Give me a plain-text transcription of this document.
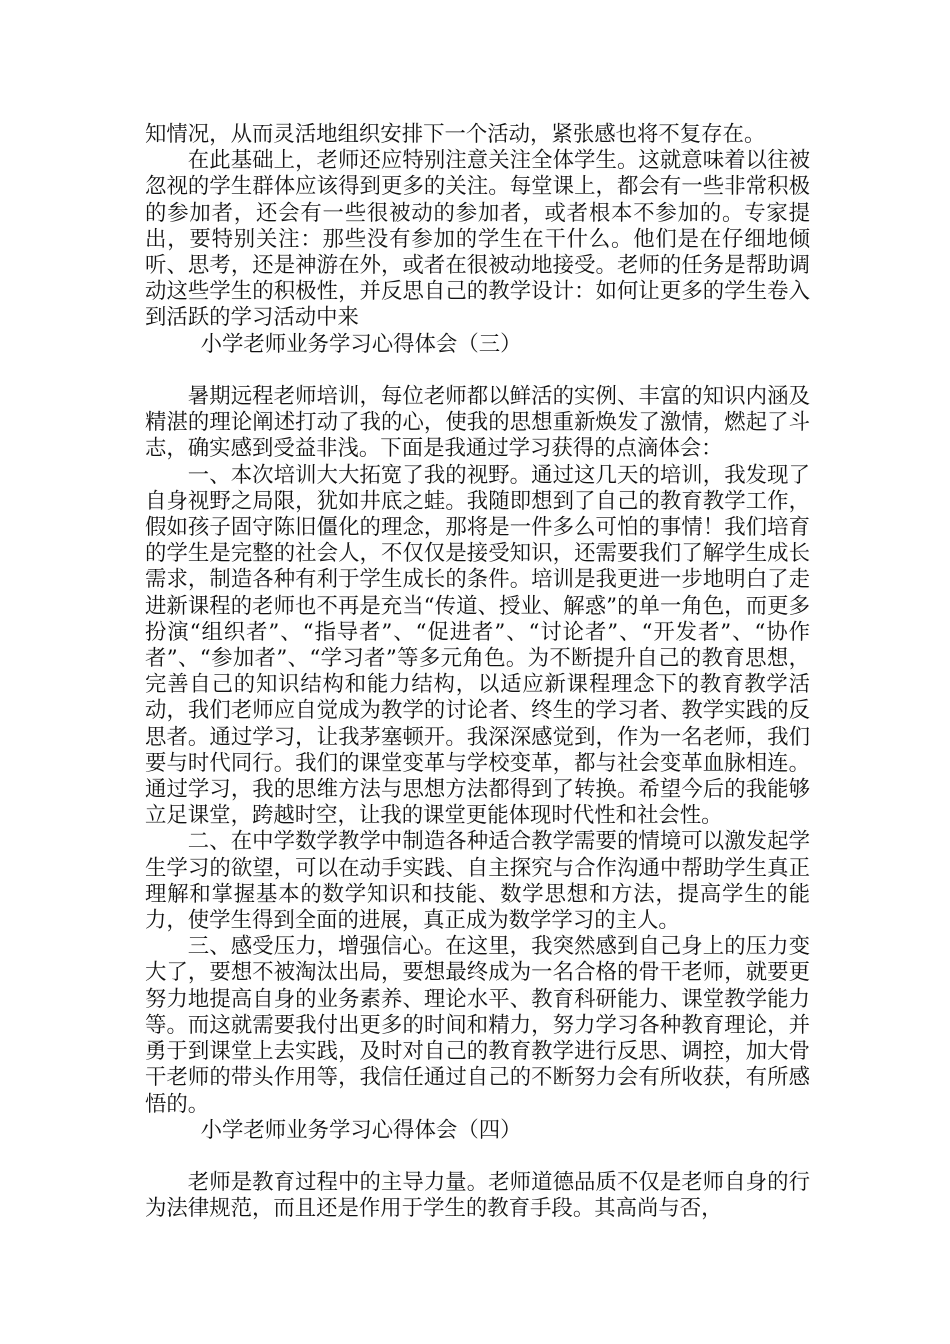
知情况，从而灵活地组织安排下一个活动，紧张感也将不复存在。

在此基础上，老师还应特别注意关注全体学生。这就意味着以往被忽视的学生群体应该得到更多的关注。每堂课上，都会有一些非常积极的参加者，还会有一些很被动的参加者，或者根本不参加的。专家提出，要特别关注：那些没有参加的学生在干什么。他们是在仔细地倾听、思考，还是神游在外，或者在很被动地接受。老师的任务是帮助调动这些学生的积极性，并反思自己的教学设计：如何让更多的学生卷入到活跃的学习活动中来

小学老师业务学习心得体会（三）

暑期远程老师培训，每位老师都以鲜活的实例、丰富的知识内涵及精湛的理论阐述打动了我的心，使我的思想重新焕发了激情，燃起了斗志，确实感到受益非浅。下面是我通过学习获得的点滴体会：

一、本次培训大大拓宽了我的视野。通过这几天的培训，我发现了自身视野之局限，犹如井底之蛙。我随即想到了自己的教育教学工作，假如孩子固守陈旧僵化的理念，那将是一件多么可怕的事情！我们培育的学生是完整的社会人，不仅仅是接受知识，还需要我们了解学生成长需求，制造各种有利于学生成长的条件。培训是我更进一步地明白了走进新课程的老师也不再是充当“传道、授业、解惑”的单一角色，而更多扮演“组织者”、“指导者”、“促进者”、“讨论者”、“开发者”、“协作者”、“参加者”、“学习者”等多元角色。为不断提升自己的教育思想，完善自己的知识结构和能力结构，以适应新课程理念下的教育教学活动，我们老师应自觉成为教学的讨论者、终生的学习者、教学实践的反思者。通过学习，让我茅塞顿开。我深深感觉到，作为一名老师，我们要与时代同行。我们的课堂变革与学校变革，都与社会变革血脉相连。通过学习，我的思维方法与思想方法都得到了转换。希望今后的我能够立足课堂，跨越时空，让我的课堂更能体现时代性和社会性。

二、在中学数学教学中制造各种适合教学需要的情境可以激发起学生学习的欲望，可以在动手实践、自主探究与合作沟通中帮助学生真正理解和掌握基本的数学知识和技能、数学思想和方法，提高学生的能力，使学生得到全面的进展，真正成为数学学习的主人。

三、感受压力，增强信心。在这里，我突然感到自己身上的压力变大了，要想不被淘汰出局，要想最终成为一名合格的骨干老师，就要更努力地提高自身的业务素养、理论水平、教育科研能力、课堂教学能力等。而这就需要我付出更多的时间和精力，努力学习各种教育理论，并勇于到课堂上去实践，及时对自己的教育教学进行反思、调控，加大骨干老师的带头作用等，我信任通过自己的不断努力会有所收获，有所感悟的。

小学老师业务学习心得体会（四）

老师是教育过程中的主导力量。老师道德品质不仅是老师自身的行为法律规范，而且还是作用于学生的教育手段。其高尚与否，
